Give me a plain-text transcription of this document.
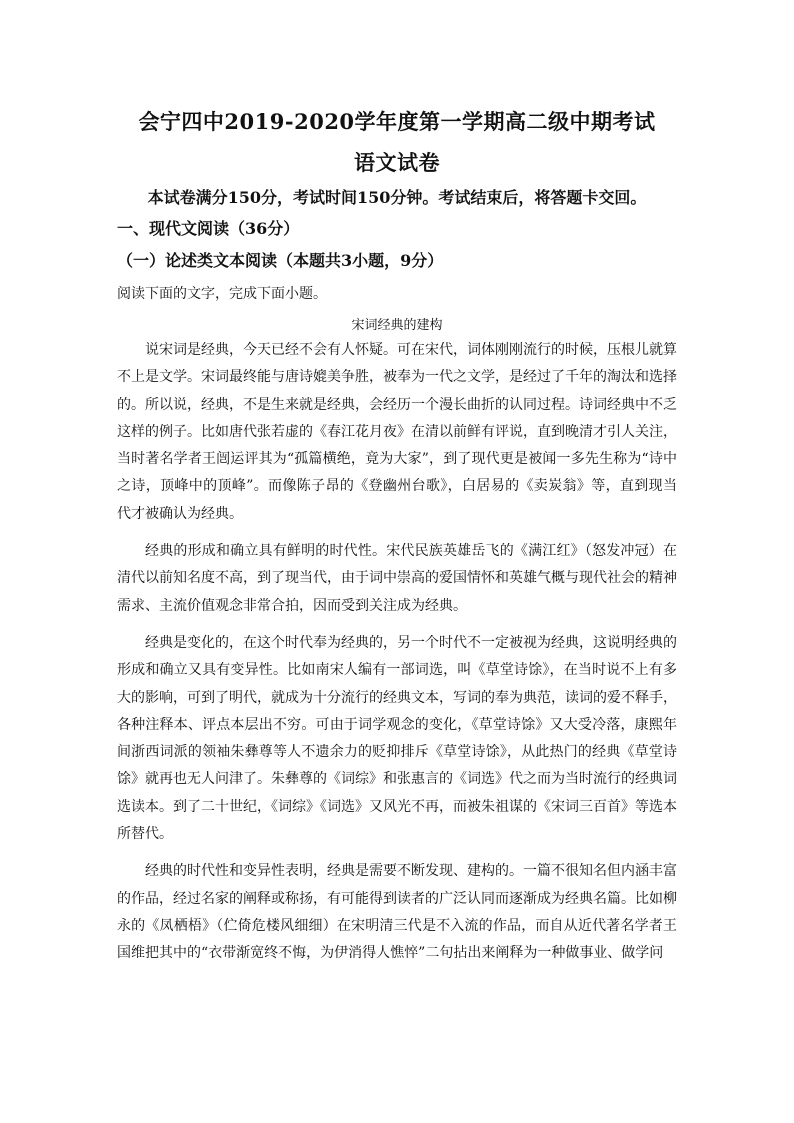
会宁四中2019-2020学年度第一学期高二级中期考试
语文试卷
本试卷满分150分，考试时间150分钟。考试结束后，将答题卡交回。
一、现代文阅读（36分）
（一）论述类文本阅读（本题共3小题，9分）
阅读下面的文字，完成下面小题。
宋词经典的建构

说宋词是经典，今天已经不会有人怀疑。可在宋代，词体刚刚流行的时候，压根儿就算不上是文学。宋词最终能与唐诗媲美争胜，被奉为一代之文学，是经过了千年的淘汰和选择的。所以说，经典，不是生来就是经典，会经历一个漫长曲折的认同过程。诗词经典中不乏这样的例子。比如唐代张若虚的《春江花月夜》在清以前鲜有评说，直到晚清才引人关注，当时著名学者王闿运评其为“孤篇横绝，竟为大家”，到了现代更是被闻一多先生称为“诗中之诗，顶峰中的顶峰”。而像陈子昂的《登幽州台歌》，白居易的《卖炭翁》等，直到现当代才被确认为经典。

经典的形成和确立具有鲜明的时代性。宋代民族英雄岳飞的《满江红》（怒发冲冠）在清代以前知名度不高，到了现当代，由于词中崇高的爱国情怀和英雄气概与现代社会的精神需求、主流价值观念非常合拍，因而受到关注成为经典。

经典是变化的，在这个时代奉为经典的，另一个时代不一定被视为经典，这说明经典的形成和确立又具有变异性。比如南宋人编有一部词选，叫《草堂诗馀》，在当时说不上有多大的影响，可到了明代，就成为十分流行的经典文本，写词的奉为典范，读词的爱不释手，各种注释本、评点本层出不穷。可由于词学观念的变化，《草堂诗馀》又大受冷落，康熙年间浙西词派的领袖朱彝尊等人不遗余力的贬抑排斥《草堂诗馀》，从此热门的经典《草堂诗馀》就再也无人问津了。朱彝尊的《词综》和张惠言的《词选》代之而为当时流行的经典词选读本。到了二十世纪，《词综》《词选》又风光不再，而被朱祖谋的《宋词三百首》等选本所替代。

经典的时代性和变异性表明，经典是需要不断发现、建构的。一篇不很知名但内涵丰富的作品，经过名家的阐释或称扬，有可能得到读者的广泛认同而逐渐成为经典名篇。比如柳永的《凤栖梧》（伫倚危楼风细细）在宋明清三代是不入流的作品，而自从近代著名学者王国维把其中的“衣带渐宽终不悔，为伊消得人憔悴”二句拈出来阐释为一种做事业、做学问
